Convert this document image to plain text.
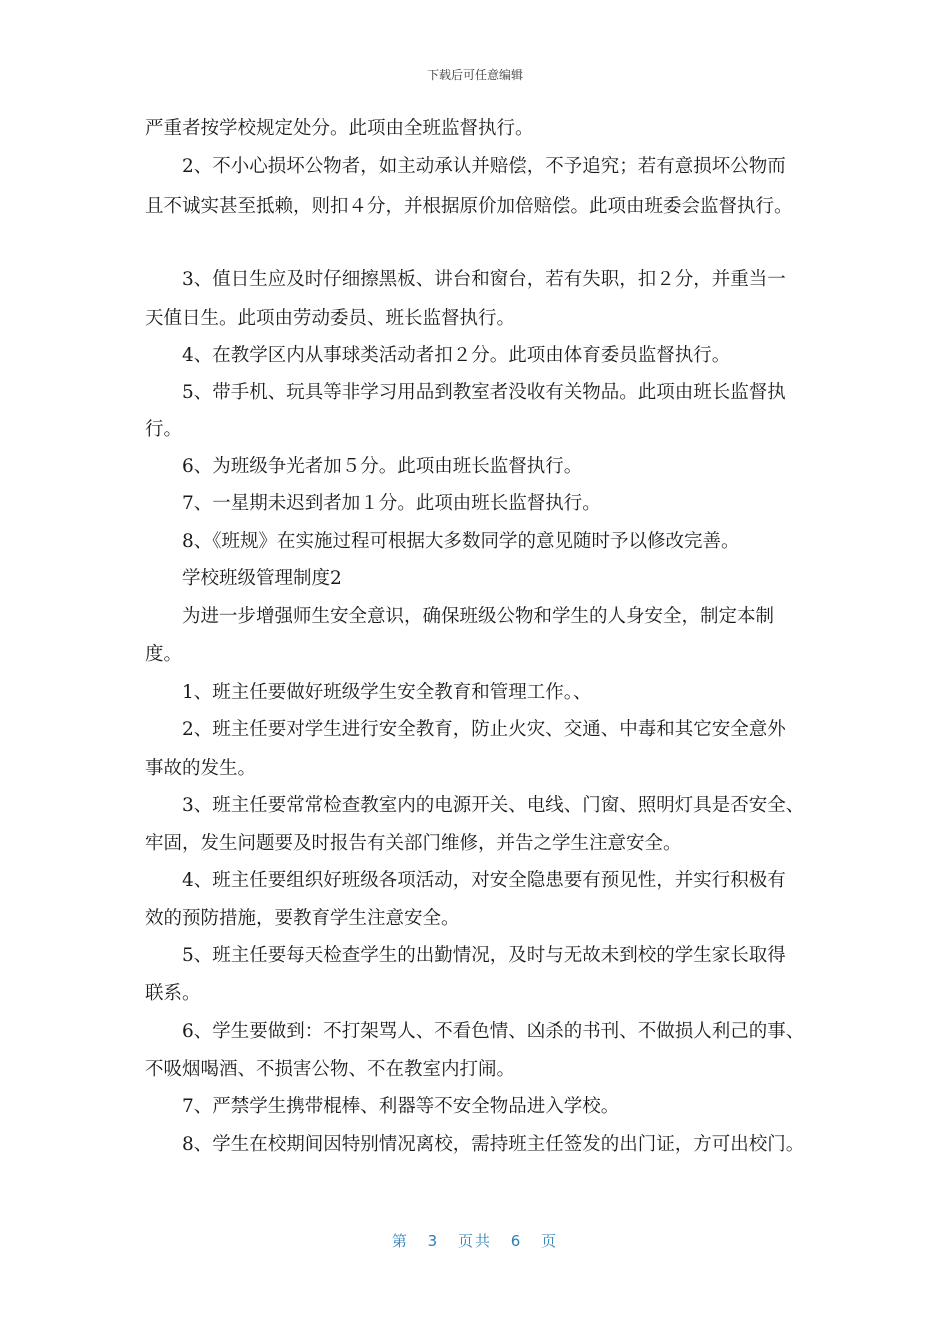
下载后可任意编辑
严重者按学校规定处分。此项由全班监督执行。
2、不小心损坏公物者，如主动承认并赔偿，不予追究；若有意损坏公物而
且不诚实甚至抵赖，则扣４分，并根据原价加倍赔偿。此项由班委会监督执行。
3、值日生应及时仔细擦黑板、讲台和窗台，若有失职，扣２分，并重当一
天值日生。此项由劳动委员、班长监督执行。
4、在教学区内从事球类活动者扣２分。此项由体育委员监督执行。
5、带手机、玩具等非学习用品到教室者没收有关物品。此项由班长监督执
行。
6、为班级争光者加５分。此项由班长监督执行。
7、一星期未迟到者加１分。此项由班长监督执行。
8、《班规》在实施过程可根据大多数同学的意见随时予以修改完善。
学校班级管理制度2
为进一步增强师生安全意识，确保班级公物和学生的人身安全，制定本制
度。
1、班主任要做好班级学生安全教育和管理工作。、
2、班主任要对学生进行安全教育，防止火灾、交通、中毒和其它安全意外
事故的发生。
3、班主任要常常检查教室内的电源开关、电线、门窗、照明灯具是否安全、
牢固，发生问题要及时报告有关部门维修，并告之学生注意安全。
4、班主任要组织好班级各项活动，对安全隐患要有预见性，并实行积极有
效的预防措施，要教育学生注意安全。
5、班主任要每天检查学生的出勤情况，及时与无故未到校的学生家长取得
联系。
6、学生要做到：不打架骂人、不看色情、凶杀的书刊、不做损人利己的事、
不吸烟喝酒、不损害公物、不在教室内打闹。
7、严禁学生携带棍棒、利器等不安全物品进入学校。
8、学生在校期间因特别情况离校，需持班主任签发的出门证，方可出校门。
第 3 页共 6 页
